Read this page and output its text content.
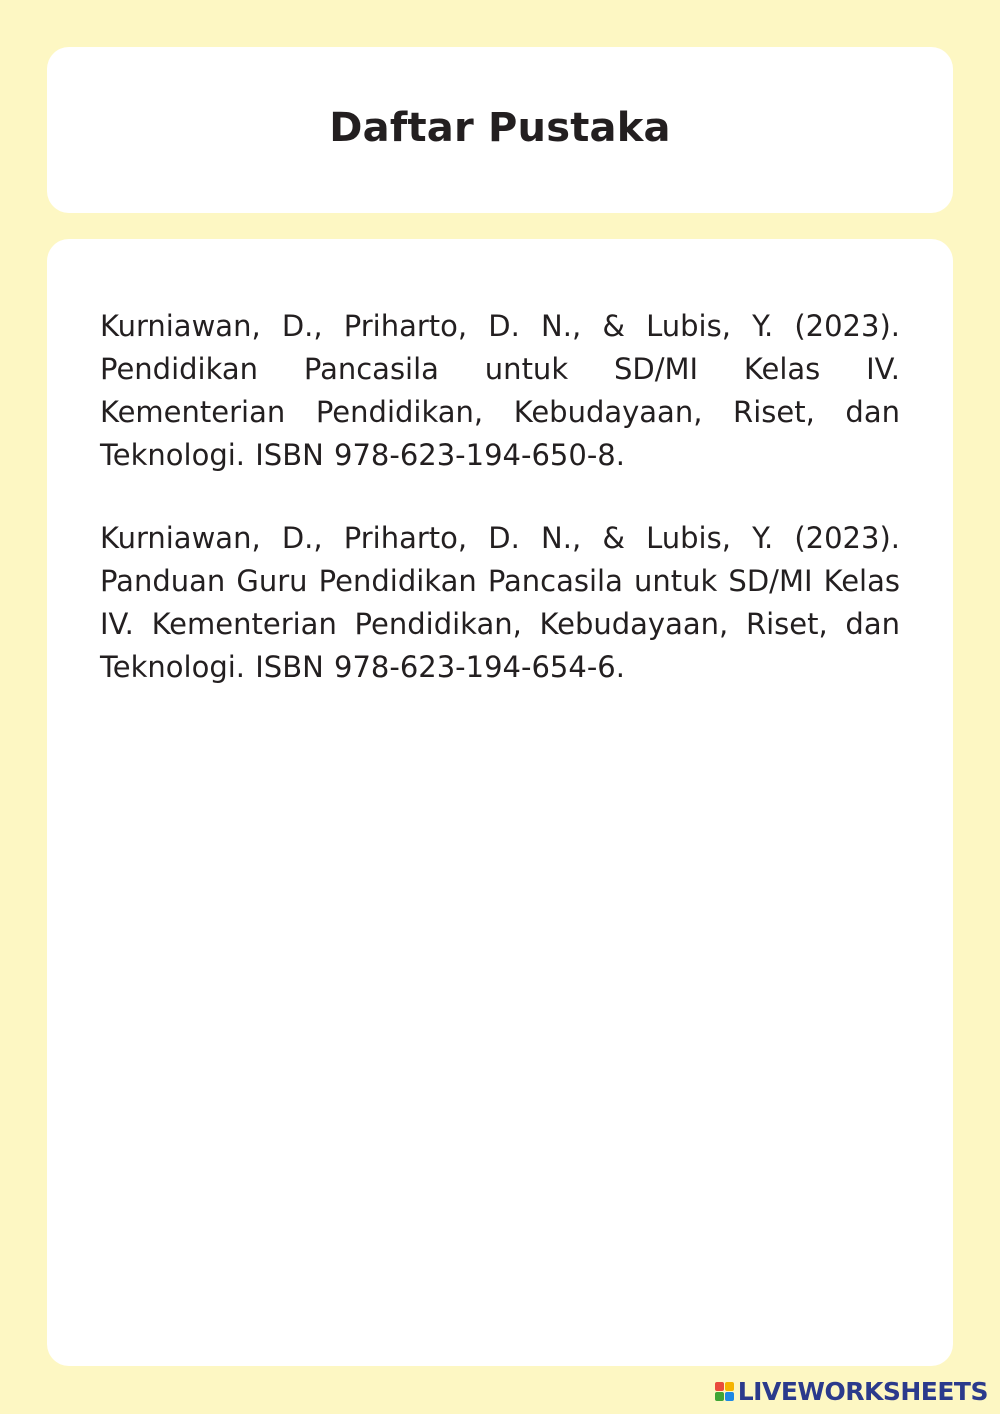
Daftar Pustaka

Kurniawan, D., Priharto, D. N., & Lubis, Y. (2023). Pendidikan Pancasila untuk SD/MI Kelas IV. Kementerian Pendidikan, Kebudayaan, Riset, dan Teknologi. ISBN 978-623-194-650-8.

Kurniawan, D., Priharto, D. N., & Lubis, Y. (2023). Panduan Guru Pendidikan Pancasila untuk SD/MI Kelas IV. Kementerian Pendidikan, Kebudayaan, Riset, dan Teknologi. ISBN 978-623-194-654-6.

LIVEWORKSHEETS
